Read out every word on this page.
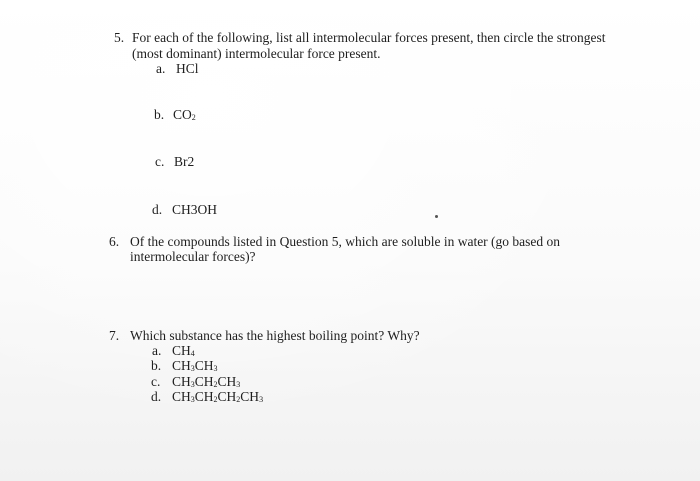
5. For each of the following, list all intermolecular forces present, then circle the strongest
(most dominant) intermolecular force present.
a. HCl
b. CO2
c. Br2
d. CH3OH
6. Of the compounds listed in Question 5, which are soluble in water (go based on
intermolecular forces)?
7. Which substance has the highest boiling point? Why?
a. CH4
b. CH3CH3
c. CH3CH2CH3
d. CH3CH2CH2CH3
